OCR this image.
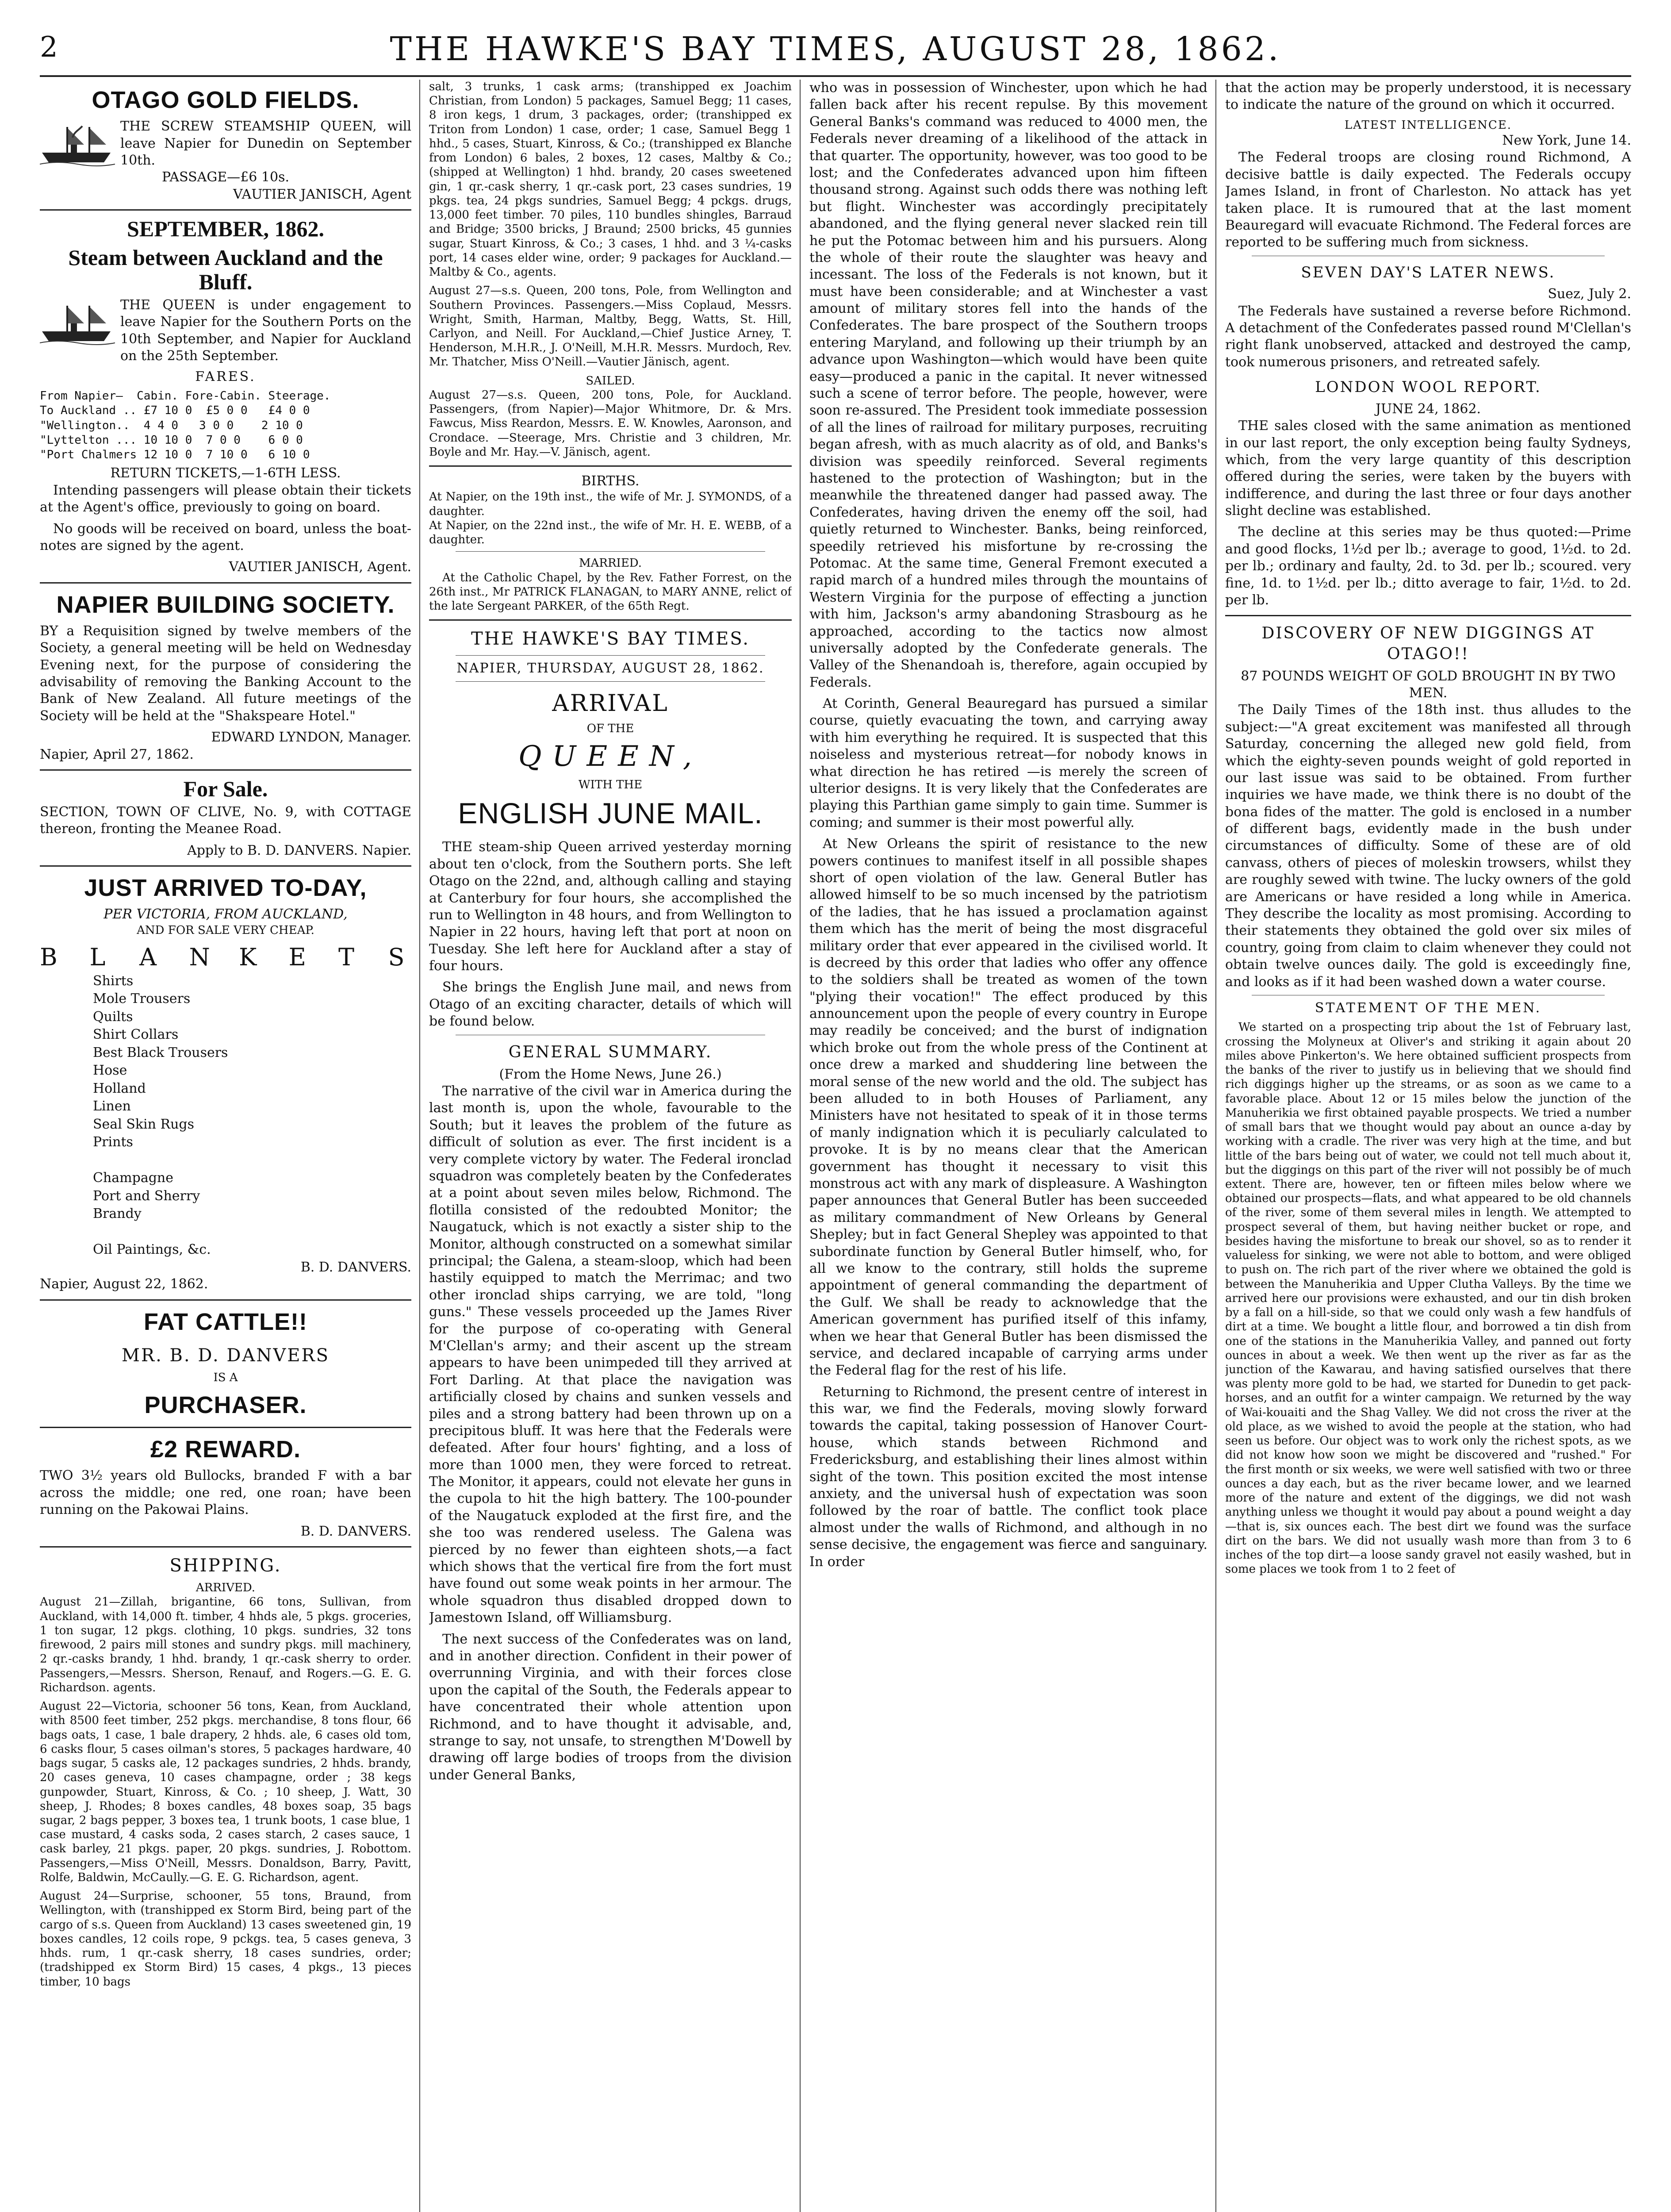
2	THE HAWKE'S BAY TIMES, AUGUST 28, 1862.
OTAGO GOLD FIELDS.
THE SCREW STEAMSHIP QUEEN, will leave Napier for Dunedin on September 10th.
PASSAGE—£6 10s.
VAUTIER JANISCH, Agent
SEPTEMBER, 1862.
Steam between Auckland and the Bluff.
THE QUEEN is under engagement to leave Napier for the Southern Ports on the 10th September, and Napier for Auckland on the 25th September.
FARES.
From Napier—  Cabin. Fore-Cabin. Steerage.
To Auckland .. £7 10 0  £5 0 0   £4 0 0
"Wellington..  4 4 0   3 0 0    2 10 0
"Lyttelton ... 10 10 0  7 0 0    6 0 0
"Port Chalmers 12 10 0  7 10 0   6 10 0
RETURN TICKETS,—1-6TH LESS.

Intending passengers will please obtain their tickets at the Agent's office, previously to going on board.

No goods will be received on board, unless the boat-notes are signed by the agent.

VAUTIER JANISCH, Agent.
NAPIER BUILDING SOCIETY.

BY a Requisition signed by twelve members of the Society, a general meeting will be held on Wednesday Evening next, for the purpose of considering the advisability of removing the Banking Account to the Bank of New Zealand. All future meetings of the Society will be held at the "Shakspeare Hotel."

EDWARD LYNDON, Manager.
Napier, April 27, 1862.
For Sale.

SECTION, TOWN OF CLIVE, No. 9, with COTTAGE thereon, fronting the Meanee Road.

Apply to B. D. DANVERS. Napier.
JUST ARRIVED TO-DAY,
PER VICTORIA, FROM AUCKLAND,
AND FOR SALE VERY CHEAP.
B L	A N K E T	S
Shirts
Mole Trousers
Quilts
Shirt Collars
Best Black Trousers
Hose
Holland
Linen
Seal Skin Rugs
Prints

Champagne
Port and Sherry
Brandy

Oil Paintings, &c.
B. D. DANVERS.
Napier, August 22, 1862.
FAT CATTLE!!
MR. B. D. DANVERS
IS A
PURCHASER.
£2 REWARD.

TWO 3½ years old Bullocks, branded F with a bar across the middle; one red, one roan; have been running on the Pakowai Plains.

B. D. DANVERS.
SHIPPING.
ARRIVED.

August 21—Zillah, brigantine, 66 tons, Sullivan, from Auckland, with 14,000 ft. timber, 4 hhds ale, 5 pkgs. groceries, 1 ton sugar, 12 pkgs. clothing, 10 pkgs. sundries, 32 tons firewood, 2 pairs mill stones and sundry pkgs. mill machinery, 2 qr.-casks brandy, 1 hhd. brandy, 1 qr.-cask sherry to order. Passengers,—Messrs. Sherson, Renauf, and Rogers.—G. E. G. Richardson. agents.

August 22—Victoria, schooner 56 tons, Kean, from Auckland, with 8500 feet timber, 252 pkgs. merchandise, 8 tons flour, 66 bags oats, 1 case, 1 bale drapery, 2 hhds. ale, 6 cases old tom, 6 casks flour, 5 cases oilman's stores, 5 packages hardware, 40 bags sugar, 5 casks ale, 12 packages sundries, 2 hhds. brandy, 20 cases geneva, 10 cases champagne, order ; 38 kegs gunpowder, Stuart, Kinross, & Co. ; 10 sheep, J. Watt, 30 sheep, J. Rhodes; 8 boxes candles, 48 boxes soap, 35 bags sugar, 2 bags pepper, 3 boxes tea, 1 trunk boots, 1 case blue, 1 case mustard, 4 casks soda, 2 cases starch, 2 cases sauce, 1 cask barley, 21 pkgs. paper, 20 pkgs. sundries, J. Robottom. Passengers,—Miss O'Neill, Messrs. Donaldson, Barry, Pavitt, Rolfe, Baldwin, McCaully.—G. E. G. Richardson, agent.

August 24—Surprise, schooner, 55 tons, Braund, from Wellington, with (transhipped ex Storm Bird, being part of the cargo of s.s. Queen from Auckland) 13 cases sweetened gin, 19 boxes candles, 12 coils rope, 9 pckgs. tea, 5 cases geneva, 3 hhds. rum, 1 qr.-cask sherry, 18 cases sundries, order; (tradshipped ex Storm Bird) 15 cases, 4 pkgs., 13 pieces timber, 10 bags

salt, 3 trunks, 1 cask arms; (transhipped ex Joachim Christian, from London) 5 packages, Samuel Begg; 11 cases, 8 iron kegs, 1 drum, 3 packages, order; (transhipped ex Triton from London) 1 case, order; 1 case, Samuel Begg 1 hhd., 5 cases, Stuart, Kinross, & Co.; (transhipped ex Blanche from London) 6 bales, 2 boxes, 12 cases, Maltby & Co.; (shipped at Wellington) 1 hhd. brandy, 20 cases sweetened gin, 1 qr.-cask sherry, 1 qr.-cask port, 23 cases sundries, 19 pkgs. tea, 24 pkgs sundries, Samuel Begg; 4 pckgs. drugs, 13,000 feet timber. 70 piles, 110 bundles shingles, Barraud and Bridge; 3500 bricks, J Braund; 2500 bricks, 45 gunnies sugar, Stuart Kinross, & Co.; 3 cases, 1 hhd. and 3 ¼-casks port, 14 cases elder wine, order; 9 packages for Auckland.—Maltby & Co., agents.

August 27—s.s. Queen, 200 tons, Pole, from Wellington and Southern Provinces. Passengers.—Miss Coplaud, Messrs. Wright, Smith, Harman, Maltby, Begg, Watts, St. Hill, Carlyon, and Neill. For Auckland,—Chief Justice Arney, T. Henderson, M.H.R., J. O'Neill, M.H.R. Messrs. Murdoch, Rev. Mr. Thatcher, Miss O'Neill.—Vautier Jänisch, agent.

SAILED.

August 27—s.s. Queen, 200 tons, Pole, for Auckland. Passengers, (from Napier)—Major Whitmore, Dr. & Mrs. Fawcus, Miss Reardon, Messrs. E. W. Knowles, Aaronson, and Crondace. —Steerage, Mrs. Christie and 3 children, Mr. Boyle and Mr. Hay.—V. Jänisch, agent.

BIRTHS.

At Napier, on the 19th inst., the wife of Mr. J. SYMONDS, of a daughter.
At Napier, on the 22nd inst., the wife of Mr. H. E. WEBB, of a daughter.

MARRIED.

At the Catholic Chapel, by the Rev. Father Forrest, on the 26th inst., Mr PATRICK FLANAGAN, to MARY ANNE, relict of the late Sergeant PARKER, of the 65th Regt.

THE HAWKE'S BAY TIMES.
NAPIER, THURSDAY, AUGUST 28, 1862.
ARRIVAL
OF THE
QUEEN,
WITH THE
ENGLISH JUNE MAIL.

THE steam-ship Queen arrived yesterday morning about ten o'clock, from the Southern ports. She left Otago on the 22nd, and, although calling and staying at Canterbury for four hours, she accomplished the run to Wellington in 48 hours, and from Wellington to Napier in 22 hours, having left that port at noon on Tuesday. She left here for Auckland after a stay of four hours.

She brings the English June mail, and news from Otago of an exciting character, details of which will be found below.

GENERAL SUMMARY.
(From the Home News, June 26.)

The narrative of the civil war in America during the last month is, upon the whole, favourable to the South; but it leaves the problem of the future as difficult of solution as ever. The first incident is a very complete victory by water. The Federal ironclad squadron was completely beaten by the Confederates at a point about seven miles below, Richmond. The flotilla consisted of the redoubted Monitor; the Naugatuck, which is not exactly a sister ship to the Monitor, although constructed on a somewhat similar principal; the Galena, a steam-sloop, which had been hastily equipped to match the Merrimac; and two other ironclad ships carrying, we are told, "long guns." These vessels proceeded up the James River for the purpose of co-operating with General M'Clellan's army; and their ascent up the stream appears to have been unimpeded till they arrived at Fort Darling. At that place the navigation was artificially closed by chains and sunken vessels and piles and a strong battery had been thrown up on a precipitous bluff. It was here that the Federals were defeated. After four hours' fighting, and a loss of more than 1000 men, they were forced to retreat. The Monitor, it appears, could not elevate her guns in the cupola to hit the high battery. The 100-pounder of the Naugatuck exploded at the first fire, and the she too was rendered useless. The Galena was pierced by no fewer than eighteen shots,—a fact which shows that the vertical fire from the fort must have found out some weak points in her armour. The whole squadron thus disabled dropped down to Jamestown Island, off Williamsburg.

The next success of the Confederates was on land, and in another direction. Confident in their power of overrunning Virginia, and with their forces close upon the capital of the South, the Federals appear to have concentrated their whole attention upon Richmond, and to have thought it advisable, and, strange to say, not unsafe, to strengthen M'Dowell by drawing off large bodies of troops from the division under General Banks,

who was in possession of Winchester, upon which he had fallen back after his recent repulse. By this movement General Banks's command was reduced to 4000 men, the Federals never dreaming of a likelihood of the attack in that quarter. The opportunity, however, was too good to be lost; and the Confederates advanced upon him fifteen thousand strong. Against such odds there was nothing left but flight. Winchester was accordingly precipitately abandoned, and the flying general never slacked rein till he put the Potomac between him and his pursuers. Along the whole of their route the slaughter was heavy and incessant. The loss of the Federals is not known, but it must have been considerable; and at Winchester a vast amount of military stores fell into the hands of the Confederates. The bare prospect of the Southern troops entering Maryland, and following up their triumph by an advance upon Washington—which would have been quite easy—produced a panic in the capital. It never witnessed such a scene of terror before. The people, however, were soon re-assured. The President took immediate possession of all the lines of railroad for military purposes, recruiting began afresh, with as much alacrity as of old, and Banks's division was speedily reinforced. Several regiments hastened to the protection of Washington; but in the meanwhile the threatened danger had passed away. The Confederates, having driven the enemy off the soil, had quietly returned to Winchester. Banks, being reinforced, speedily retrieved his misfortune by re-crossing the Potomac. At the same time, General Fremont executed a rapid march of a hundred miles through the mountains of Western Virginia for the purpose of effecting a junction with him, Jackson's army abandoning Strasbourg as he approached, according to the tactics now almost universally adopted by the Confederate generals. The Valley of the Shenandoah is, therefore, again occupied by Federals.

At Corinth, General Beauregard has pursued a similar course, quietly evacuating the town, and carrying away with him everything he required. It is suspected that this noiseless and mysterious retreat—for nobody knows in what direction he has retired —is merely the screen of ulterior designs. It is very likely that the Confederates are playing this Parthian game simply to gain time. Summer is coming; and summer is their most powerful ally.

At New Orleans the spirit of resistance to the new powers continues to manifest itself in all possible shapes short of open violation of the law. General Butler has allowed himself to be so much incensed by the patriotism of the ladies, that he has issued a proclamation against them which has the merit of being the most disgraceful military order that ever appeared in the civilised world. It is decreed by this order that ladies who offer any offence to the soldiers shall be treated as women of the town "plying their vocation!" The effect produced by this announcement upon the people of every country in Europe may readily be conceived; and the burst of indignation which broke out from the whole press of the Continent at once drew a marked and shuddering line between the moral sense of the new world and the old. The subject has been alluded to in both Houses of Parliament, any Ministers have not hesitated to speak of it in those terms of manly indignation which it is peculiarly calculated to provoke. It is by no means clear that the American government has thought it necessary to visit this monstrous act with any mark of displeasure. A Washington paper announces that General Butler has been succeeded as military commandment of New Orleans by General Shepley; but in fact General Shepley was appointed to that subordinate function by General Butler himself, who, for all we know to the contrary, still holds the supreme appointment of general commanding the department of the Gulf. We shall be ready to acknowledge that the American government has purified itself of this infamy, when we hear that General Butler has been dismissed the service, and declared incapable of carrying arms under the Federal flag for the rest of his life.

Returning to Richmond, the present centre of interest in this war, we find the Federals, moving slowly forward towards the capital, taking possession of Hanover Court-house, which stands between Richmond and Fredericksburg, and establishing their lines almost within sight of the town. This position excited the most intense anxiety, and the universal hush of expectation was soon followed by the roar of battle. The conflict took place almost under the walls of Richmond, and although in no sense decisive, the engagement was fierce and sanguinary. In order

that the action may be properly understood, it is necessary to indicate the nature of the ground on which it occurred.

LATEST INTELLIGENCE.
New York, June 14.

The Federal troops are closing round Richmond, A decisive battle is daily expected. The Federals occupy James Island, in front of Charleston. No attack has yet taken place. It is rumoured that at the last moment Beauregard will evacuate Richmond. The Federal forces are reported to be suffering much from sickness.

SEVEN DAY'S LATER NEWS.
Suez, July 2.

The Federals have sustained a reverse before Richmond. A detachment of the Confederates passed round M'Clellan's right flank unobserved, attacked and destroyed the camp, took numerous prisoners, and retreated safely.

LONDON WOOL REPORT.
JUNE 24, 1862.

THE sales closed with the same animation as mentioned in our last report, the only exception being faulty Sydneys, which, from the very large quantity of this description offered during the series, were taken by the buyers with indifference, and during the last three or four days another slight decline was established.

The decline at this series may be thus quoted:—Prime and good flocks, 1½d per lb.; average to good, 1½d. to 2d. per lb.; ordinary and faulty, 2d. to 3d. per lb.; scoured. very fine, 1d. to 1½d. per lb.; ditto average to fair, 1½d. to 2d. per lb.

DISCOVERY OF NEW DIGGINGS AT OTAGO!!
87 POUNDS WEIGHT OF GOLD BROUGHT IN BY TWO MEN.

The Daily Times of the 18th inst. thus alludes to the subject:—"A great excitement was manifested all through Saturday, concerning the alleged new gold field, from which the eighty-seven pounds weight of gold reported in our last issue was said to be obtained. From further inquiries we have made, we think there is no doubt of the bona fides of the matter. The gold is enclosed in a number of different bags, evidently made in the bush under circumstances of difficulty. Some of these are of old canvass, others of pieces of moleskin trowsers, whilst they are roughly sewed with twine. The lucky owners of the gold are Americans or have resided a long while in America. They describe the locality as most promising. According to their statements they obtained the gold over six miles of country, going from claim to claim whenever they could not obtain twelve ounces daily. The gold is exceedingly fine, and looks as if it had been washed down a water course.

STATEMENT OF THE MEN.

We started on a prospecting trip about the 1st of February last, crossing the Molyneux at Oliver's and striking it again about 20 miles above Pinkerton's. We here obtained sufficient prospects from the banks of the river to justify us in believing that we should find rich diggings higher up the streams, or as soon as we came to a favorable place. About 12 or 15 miles below the junction of the Manuherikia we first obtained payable prospects. We tried a number of small bars that we thought would pay about an ounce a-day by working with a cradle. The river was very high at the time, and but little of the bars being out of water, we could not tell much about it, but the diggings on this part of the river will not possibly be of much extent. There are, however, ten or fifteen miles below where we obtained our prospects—flats, and what appeared to be old channels of the river, some of them several miles in length. We attempted to prospect several of them, but having neither bucket or rope, and besides having the misfortune to break our shovel, so as to render it valueless for sinking, we were not able to bottom, and were obliged to push on. The rich part of the river where we obtained the gold is between the Manuherikia and Upper Clutha Valleys. By the time we arrived here our provisions were exhausted, and our tin dish broken by a fall on a hill-side, so that we could only wash a few handfuls of dirt at a time. We bought a little flour, and borrowed a tin dish from one of the stations in the Manuherikia Valley, and panned out forty ounces in about a week. We then went up the river as far as the junction of the Kawarau, and having satisfied ourselves that there was plenty more gold to be had, we started for Dunedin to get pack-horses, and an outfit for a winter campaign. We returned by the way of Wai-kouaiti and the Shag Valley. We did not cross the river at the old place, as we wished to avoid the people at the station, who had seen us before. Our object was to work only the richest spots, as we did not know how soon we might be discovered and "rushed." For the first month or six weeks, we were well satisfied with two or three ounces a day each, but as the river became lower, and we learned more of the nature and extent of the diggings, we did not wash anything unless we thought it would pay about a pound weight a day—that is, six ounces each. The best dirt we found was the surface dirt on the bars. We did not usually wash more than from 3 to 6 inches of the top dirt—a loose sandy gravel not easily washed, but in some places we took from 1 to 2 feet of
